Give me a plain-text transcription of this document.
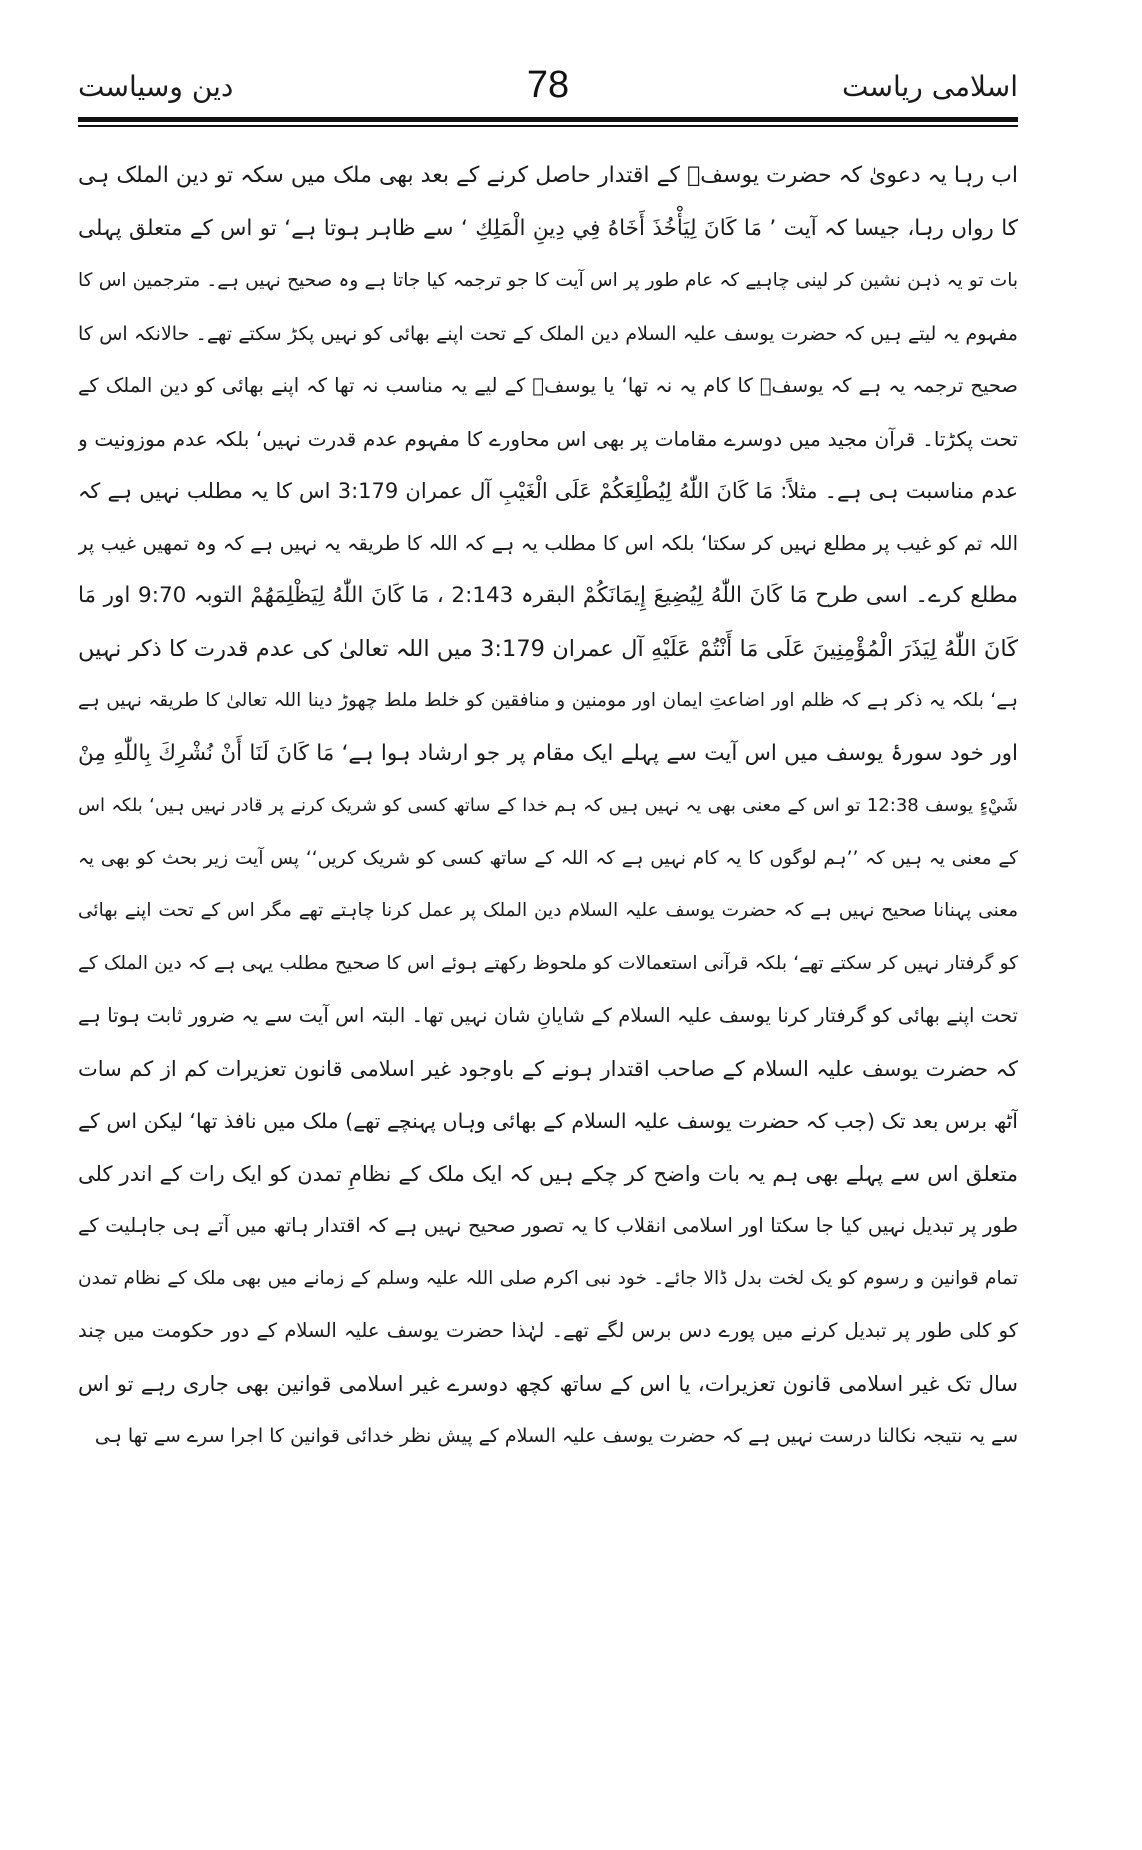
اسلامی ریاست
78
دین وسیاست
اب رہا یہ دعویٰ کہ حضرت یوسفؑ کے اقتدار حاصل کرنے کے بعد بھی ملک میں سکہ تو دین الملک ہی
کا رواں رہا، جیسا کہ آیت ’ مَا كَانَ لِيَأْخُذَ أَخَاهُ فِي دِينِ الْمَلِكِ ‘ سے ظاہر ہوتا ہے‘ تو اس کے متعلق پہلی
بات تو یہ ذہن نشین کر لینی چاہیے کہ عام طور پر اس آیت کا جو ترجمہ کیا جاتا ہے وہ صحیح نہیں ہے۔ مترجمین اس کا
مفہوم یہ لیتے ہیں کہ حضرت یوسف علیہ السلام دین الملک کے تحت اپنے بھائی کو نہیں پکڑ سکتے تھے۔ حالانکہ اس کا
صحیح ترجمہ یہ ہے کہ یوسفؑ کا کام یہ نہ تھا‘ یا یوسفؑ کے لیے یہ مناسب نہ تھا کہ اپنے بھائی کو دین الملک کے
تحت پکڑتا۔ قرآن مجید میں دوسرے مقامات پر بھی اس محاورے کا مفہوم عدم قدرت نہیں‘ بلکہ عدم موزونیت و
عدم مناسبت ہی ہے۔ مثلاً: مَا كَانَ اللّٰهُ لِيُطْلِعَكُمْ عَلَى الْغَيْبِ آل عمران 3:179 اس کا یہ مطلب نہیں ہے کہ
اللہ تم کو غیب پر مطلع نہیں کر سکتا‘ بلکہ اس کا مطلب یہ ہے کہ اللہ کا طریقہ یہ نہیں ہے کہ وہ تمھیں غیب پر
مطلع کرے۔ اسی طرح مَا كَانَ اللّٰهُ لِيُضِيعَ إِيمَانَكُمْ البقرہ 2:143 ، مَا كَانَ اللّٰهُ لِيَظْلِمَهُمْ التوبہ 9:70 اور مَا
كَانَ اللّٰهُ لِيَذَرَ الْمُؤْمِنِينَ عَلَى مَا أَنْتُمْ عَلَيْهِ آل عمران 3:179 میں اللہ تعالیٰ کی عدم قدرت کا ذکر نہیں
ہے‘ بلکہ یہ ذکر ہے کہ ظلم اور اضاعتِ ایمان اور مومنین و منافقین کو خلط ملط چھوڑ دینا اللہ تعالیٰ کا طریقہ نہیں ہے
اور خود سورۂ یوسف میں اس آیت سے پہلے ایک مقام پر جو ارشاد ہوا ہے‘ مَا كَانَ لَنَا أَنْ نُشْرِكَ بِاللّٰهِ مِنْ
شَيْءٍ یوسف 12:38 تو اس کے معنی بھی یہ نہیں ہیں کہ ہم خدا کے ساتھ کسی کو شریک کرنے پر قادر نہیں ہیں‘ بلکہ اس
کے معنی یہ ہیں کہ ’’ہم لوگوں کا یہ کام نہیں ہے کہ اللہ کے ساتھ کسی کو شریک کریں‘‘ پس آیت زیر بحث کو بھی یہ
معنی پہنانا صحیح نہیں ہے کہ حضرت یوسف علیہ السلام دین الملک پر عمل کرنا چاہتے تھے مگر اس کے تحت اپنے بھائی
کو گرفتار نہیں کر سکتے تھے‘ بلکہ قرآنی استعمالات کو ملحوظ رکھتے ہوئے اس کا صحیح مطلب یہی ہے کہ دین الملک کے
تحت اپنے بھائی کو گرفتار کرنا یوسف علیہ السلام کے شایانِ شان نہیں تھا۔ البتہ اس آیت سے یہ ضرور ثابت ہوتا ہے
کہ حضرت یوسف علیہ السلام کے صاحب اقتدار ہونے کے باوجود غیر اسلامی قانون تعزیرات کم از کم سات
آٹھ برس بعد تک (جب کہ حضرت یوسف علیہ السلام کے بھائی وہاں پہنچے تھے) ملک میں نافذ تھا‘ لیکن اس کے
متعلق اس سے پہلے بھی ہم یہ بات واضح کر چکے ہیں کہ ایک ملک کے نظامِ تمدن کو ایک رات کے اندر کلی
طور پر تبدیل نہیں کیا جا سکتا اور اسلامی انقلاب کا یہ تصور صحیح نہیں ہے کہ اقتدار ہاتھ میں آتے ہی جاہلیت کے
تمام قوانین و رسوم کو یک لخت بدل ڈالا جائے۔ خود نبی اکرم صلی اللہ علیہ وسلم کے زمانے میں بھی ملک کے نظام تمدن
کو کلی طور پر تبدیل کرنے میں پورے دس برس لگے تھے۔ لہٰذا حضرت یوسف علیہ السلام کے دور حکومت میں چند
سال تک غیر اسلامی قانون تعزیرات، یا اس کے ساتھ کچھ دوسرے غیر اسلامی قوانین بھی جاری رہے تو اس
سے یہ نتیجہ نکالنا درست نہیں ہے کہ حضرت یوسف علیہ السلام کے پیش نظر خدائی قوانین کا اجرا سرے سے تھا ہی
